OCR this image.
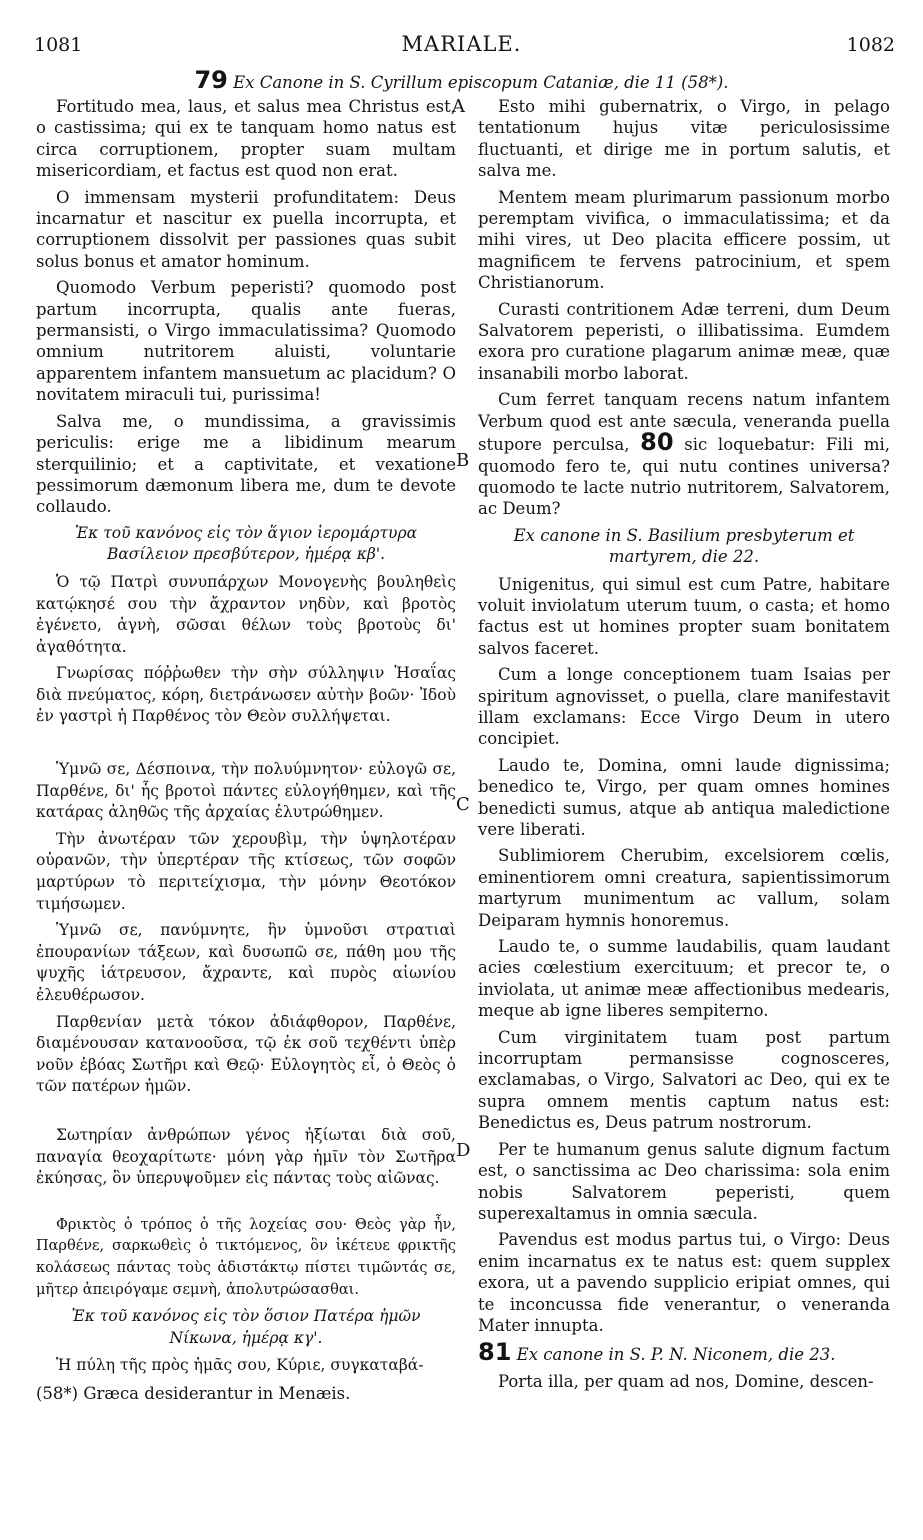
1081	MARIALE.	1082
79 Ex Canone in S. Cyrillum episcopum Cataniæ, die 11 (58*).
A
B
C
D

Fortitudo mea, laus, et salus mea Christus est, o castissima; qui ex te tanquam homo natus est circa corruptionem, propter suam multam misericordiam, et factus est quod non erat.

O immensam mysterii profunditatem: Deus incarnatur et nascitur ex puella incorrupta, et corruptionem dissolvit per passiones quas subit solus bonus et amator hominum.

Quomodo Verbum peperisti? quomodo post partum incorrupta, qualis ante fueras, permansisti, o Virgo immaculatissima? Quomodo omnium nutritorem aluisti, voluntarie apparentem infantem mansuetum ac placidum? O novitatem miraculi tui, purissima!

Salva me, o mundissima, a gravissimis periculis: erige me a libidinum mearum sterquilinio; et a captivitate, et vexatione pessimorum dæmonum libera me, dum te devote collaudo.

Ἐκ τοῦ κανόνος εἰς τὸν ἅγιον ἱερομάρτυρα Βασίλειον πρεσβύτερον, ἡμέρᾳ κβ'.

Ὁ τῷ Πατρὶ συνυπάρχων Μονογενὴς βουληθεὶς κατῴκησέ σου τὴν ἄχραντον νηδὺν, καὶ βροτὸς ἐγένετο, ἁγνὴ, σῶσαι θέλων τοὺς βροτοὺς δι' ἀγαθότητα.

Γνωρίσας πόῤῥωθεν τὴν σὴν σύλληψιν Ἡσαΐας διὰ πνεύματος, κόρη, διετράνωσεν αὐτὴν βοῶν· Ἰδοὺ ἐν γαστρὶ ἡ Παρθένος τὸν Θεὸν συλλήψεται.

Ὑμνῶ σε, Δέσποινα, τὴν πολυύμνητον· εὐλογῶ σε, Παρθένε, δι' ἧς βροτοὶ πάντες εὐλογήθημεν, καὶ τῆς κατάρας ἀληθῶς τῆς ἀρχαίας ἐλυτρώθημεν.

Τὴν ἀνωτέραν τῶν χερουβὶμ, τὴν ὑψηλοτέραν οὐρανῶν, τὴν ὑπερτέραν τῆς κτίσεως, τῶν σοφῶν μαρτύρων τὸ περιτείχισμα, τὴν μόνην Θεοτόκον τιμήσωμεν.

Ὑμνῶ σε, πανύμνητε, ἣν ὑμνοῦσι στρατιαὶ ἐπουρανίων τάξεων, καὶ δυσωπῶ σε, πάθη μου τῆς ψυχῆς ἰάτρευσον, ἄχραντε, καὶ πυρὸς αἰωνίου ἐλευθέρωσον.

Παρθενίαν μετὰ τόκον ἀδιάφθορον, Παρθένε, διαμένουσαν κατανοοῦσα, τῷ ἐκ σοῦ τεχθέντι ὑπὲρ νοῦν ἐβόας Σωτῆρι καὶ Θεῷ· Εὐλογητὸς εἶ, ὁ Θεὸς ὁ τῶν πατέρων ἡμῶν.

Σωτηρίαν ἀνθρώπων γένος ἠξίωται διὰ σοῦ, παναγία θεοχαρίτωτε· μόνη γὰρ ἡμῖν τὸν Σωτῆρα ἐκύησας, ὃν ὑπερυψοῦμεν εἰς πάντας τοὺς αἰῶνας.

Φρικτὸς ὁ τρόπος ὁ τῆς λοχείας σου· Θεὸς γὰρ ἦν, Παρθένε, σαρκωθεὶς ὁ τικτόμενος, ὃν ἱκέτευε φρικτῆς κολάσεως πάντας τοὺς ἀδιστάκτῳ πίστει τιμῶντάς σε, μῆτερ ἀπειρόγαμε σεμνὴ, ἀπολυτρώσασθαι.

Ἐκ τοῦ κανόνος εἰς τὸν ὅσιον Πατέρα ἡμῶν Νίκωνα, ἡμέρᾳ κγ'.

Ἡ πύλη τῆς πρὸς ἡμᾶς σου, Κύριε, συγκαταβά-

(58*) Græca desiderantur in Menæis.

Esto mihi gubernatrix, o Virgo, in pelago tentationum hujus vitæ periculosissime fluctuanti, et dirige me in portum salutis, et salva me.

Mentem meam plurimarum passionum morbo peremptam vivifica, o immaculatissima; et da mihi vires, ut Deo placita efficere possim, ut magnificem te fervens patrocinium, et spem Christianorum.

Curasti contritionem Adæ terreni, dum Deum Salvatorem peperisti, o illibatissima. Eumdem exora pro curatione plagarum animæ meæ, quæ insanabili morbo laborat.

Cum ferret tanquam recens natum infantem Verbum quod est ante sæcula, veneranda puella stupore perculsa, 80 sic loquebatur: Fili mi, quomodo fero te, qui nutu contines universa? quomodo te lacte nutrio nutritorem, Salvatorem, ac Deum?

Ex canone in S. Basilium presbyterum et martyrem, die 22.

Unigenitus, qui simul est cum Patre, habitare voluit inviolatum uterum tuum, o casta; et homo factus est ut homines propter suam bonitatem salvos faceret.

Cum a longe conceptionem tuam Isaias per spiritum agnovisset, o puella, clare manifestavit illam exclamans: Ecce Virgo Deum in utero concipiet.

Laudo te, Domina, omni laude dignissima; benedico te, Virgo, per quam omnes homines benedicti sumus, atque ab antiqua maledictione vere liberati.

Sublimiorem Cherubim, excelsiorem cœlis, eminentiorem omni creatura, sapientissimorum martyrum munimentum ac vallum, solam Deiparam hymnis honoremus.

Laudo te, o summe laudabilis, quam laudant acies cœlestium exercituum; et precor te, o inviolata, ut animæ meæ affectionibus medearis, meque ab igne liberes sempiterno.

Cum virginitatem tuam post partum incorruptam permansisse cognosceres, exclamabas, o Virgo, Salvatori ac Deo, qui ex te supra omnem mentis captum natus est: Benedictus es, Deus patrum nostrorum.

Per te humanum genus salute dignum factum est, o sanctissima ac Deo charissima: sola enim nobis Salvatorem peperisti, quem superexaltamus in omnia sæcula.

Pavendus est modus partus tui, o Virgo: Deus enim incarnatus ex te natus est: quem supplex exora, ut a pavendo supplicio eripiat omnes, qui te inconcussa fide venerantur, o veneranda Mater innupta.

81 Ex canone in S. P. N. Niconem, die 23.

Porta illa, per quam ad nos, Domine, descen-
